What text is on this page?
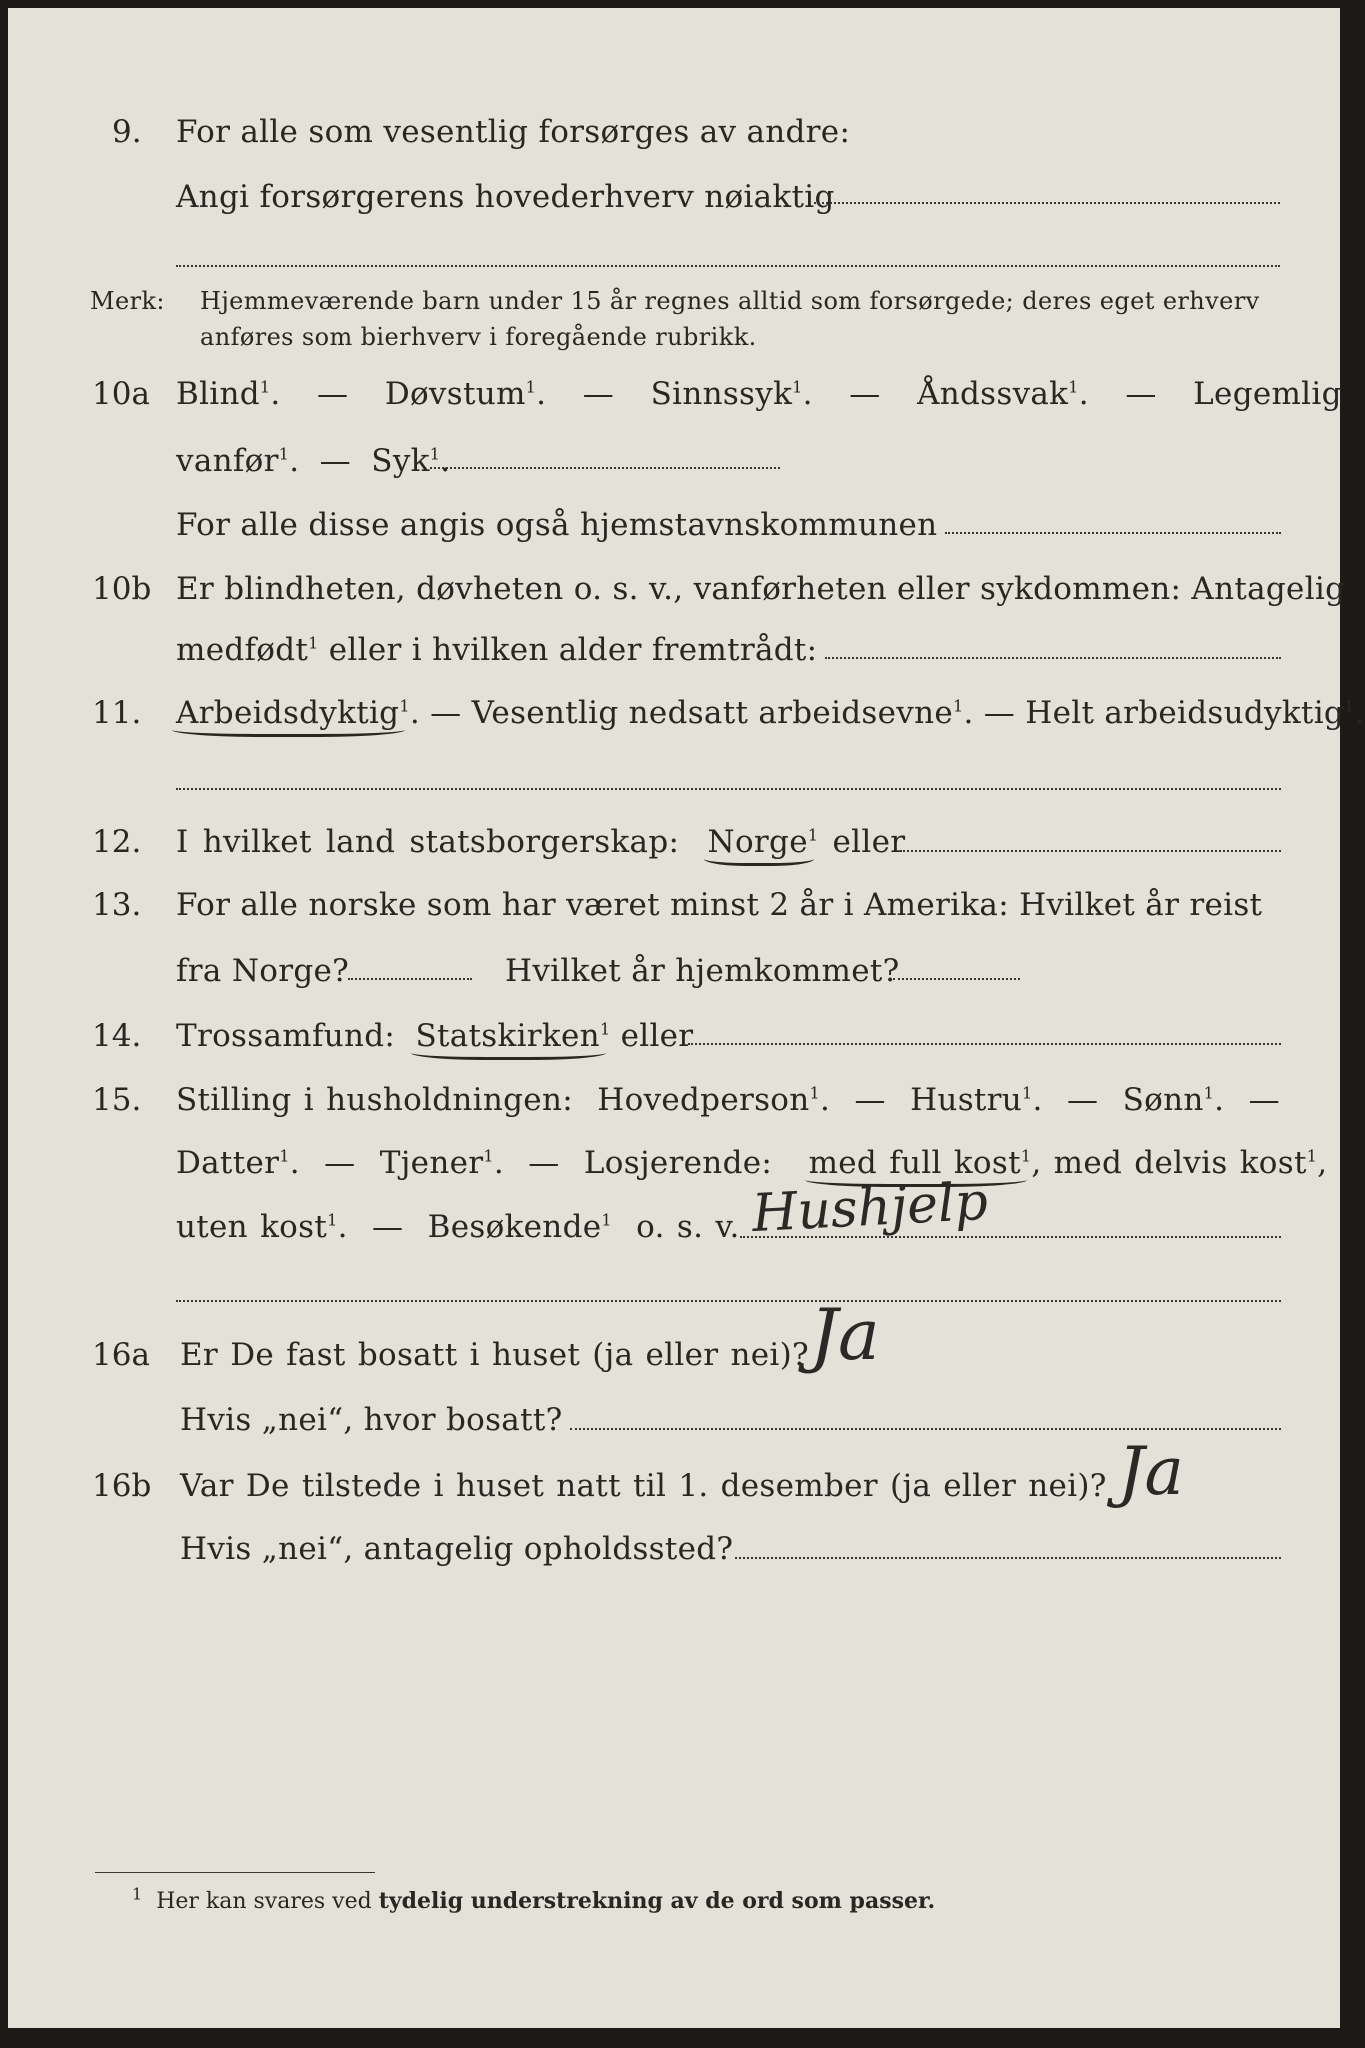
9. For alle som vesentlig forsørges av andre:
Angi forsørgerens hovederhverv nøiaktig
Merk: Hjemmeværende barn under 15 år regnes alltid som forsørgede; deres eget erhverv
anføres som bierhverv i foregående rubrikk.
10a Blind$^1$.   — Døvstum$^1$.   — Sinnssyk$^1$.   — Åndssvak$^1$.   — Legemlig
vanfør$^1$.  — Syk$^1$.
For alle disse angis også hjemstavnskommunen
10b Er blindheten, døvheten o. s. v., vanførheten eller sykdommen: Antagelig
medfødt$^1$ eller i hvilken alder fremtrådt:
11. Arbeidsdyktig$^1$. — Vesentlig nedsatt arbeidsevne$^1$. — Helt arbeidsudyktig$^1$.
12. I hvilket land statsborgerskap: Norge$^1$ eller
13. For alle norske som har været minst 2 år i Amerika: Hvilket år reist
fra Norge?	Hvilket år hjemkommet?
14. Trossamfund: Statskirken$^1$ eller
15. Stilling i husholdningen: Hovedperson$^1$.  —  Hustru$^1$.  —  Sønn$^1$.  —
Datter$^1$.  —  Tjener$^1$.  —  Losjerende: med full kost$^1$, med delvis kost$^1$,
uten kost$^1$.  —  Besøkende$^1$ o. s. v. Hushjelp
16a Er De fast bosatt i huset (ja eller nei)? Ja
Hvis „nei“, hvor bosatt?
16b Var De tilstede i huset natt til 1. desember (ja eller nei)? Ja
Hvis „nei“, antagelig opholdssted?
$^1$ Her kan svares ved tydelig understrekning av de ord som passer.
